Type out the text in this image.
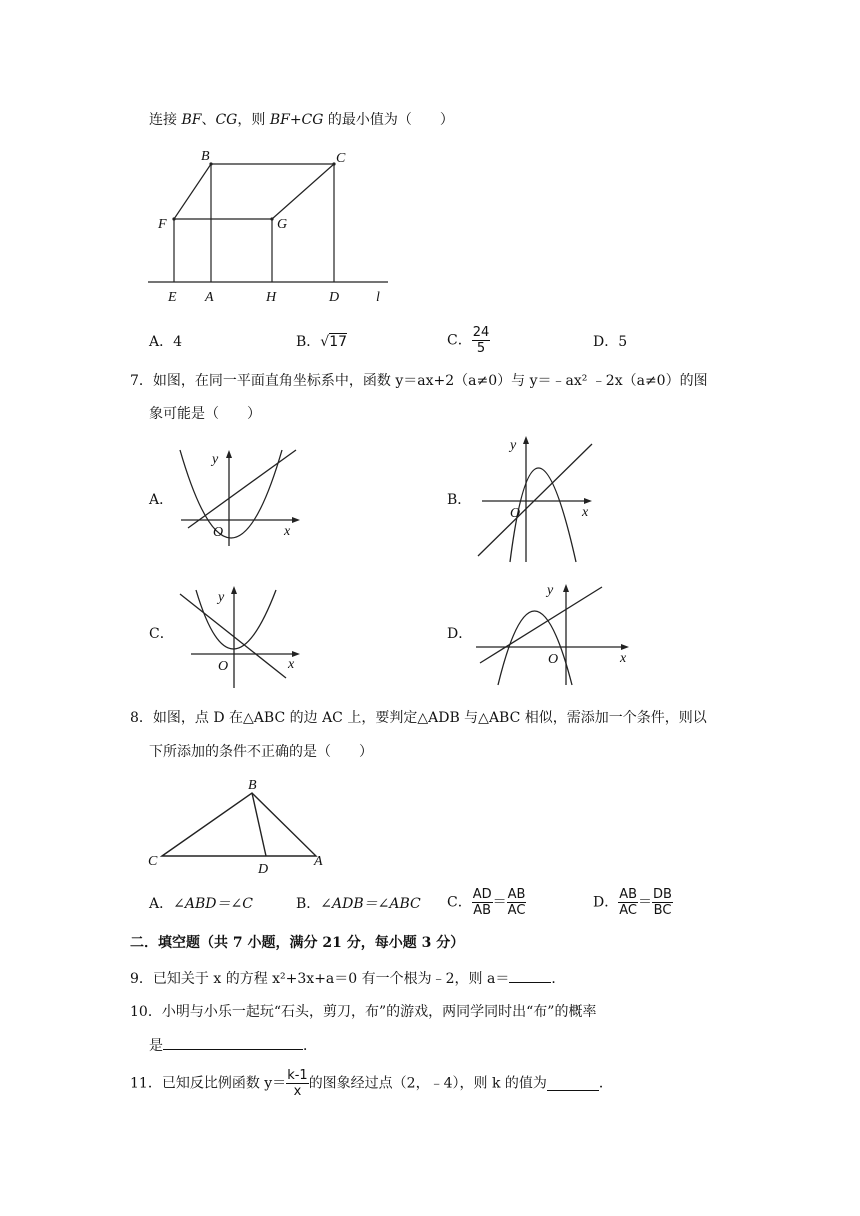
连接 BF、CG，则 BF+CG 的最小值为（　　）
B	C
F	G
E A	H	D	l
A．4	B．√17	C． $\frac{24}{5}$	D．5
7．如图，在同一平面直角坐标系中，函数 y＝ax+2（a≠0）与 y＝﹣ax² ﹣2x（a≠0）的图
象可能是（　　）
A．
y
x
O
B．
y
x
O
C．
y
x
O
D．
y
x
O
8．如图，点 D 在△ABC 的边 AC 上，要判定△ADB 与△ABC 相似，需添加一个条件，则以
下所添加的条件不正确的是（　　）
B
C
D
A
A．∠ABD＝∠C	B．∠ADB＝∠ABC C． $\frac{AD}{AB} = \frac{AB}{AC}$	D． $\frac{AB}{AC} = \frac{DB}{BC}$
二．填空题（共 7 小题，满分 21 分，每小题 3 分）
9．已知关于 x 的方程 x²+3x+a＝0 有一个根为﹣2，则 a＝	．
10．小明与小乐一起玩“石头，剪刀，布”的游戏，两同学同时出“布”的概率
是	．
11．已知反比例函数 $y= \frac{k-1}{x}$ 的图象经过点（2，﹣4），则 k 的值为	．
